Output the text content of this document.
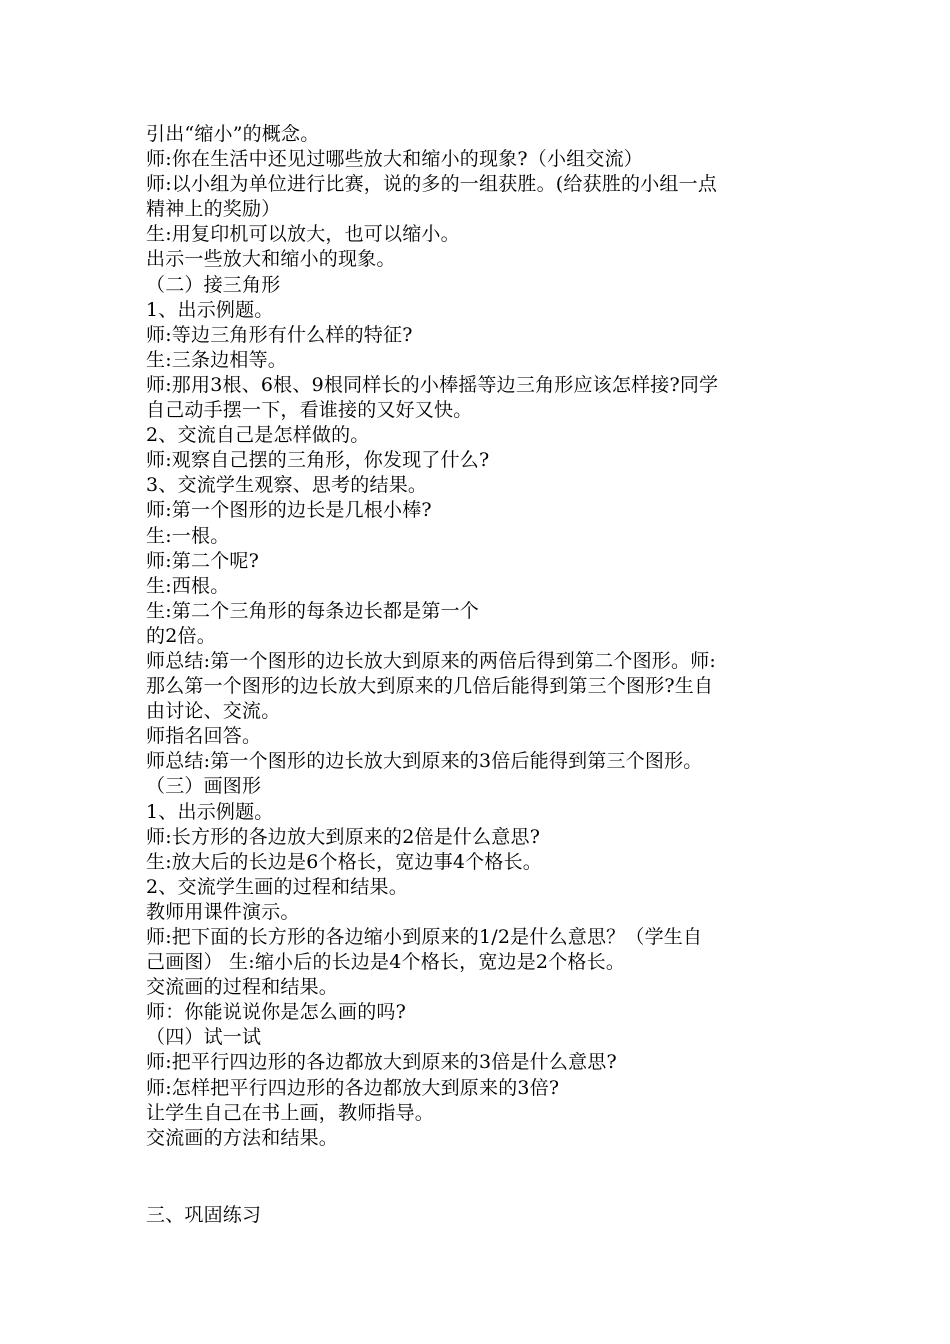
引出“缩小”的概念。
师:你在生活中还见过哪些放大和缩小的现象?（小组交流）
师:以小组为单位进行比赛，说的多的一组获胜。(给获胜的小组一点
精神上的奖励）
生:用复印机可以放大，也可以缩小。
出示一些放大和缩小的现象。
（二）接三角形
1、出示例题。
师:等边三角形有什么样的特征?
生:三条边相等。
师:那用3根、6根、9根同样长的小棒摇等边三角形应该怎样接?同学
自己动手摆一下，看谁接的又好又快。
2、交流自己是怎样做的。
师:观察自己摆的三角形，你发现了什么?
3、交流学生观察、思考的结果。
师:第一个图形的边长是几根小棒?
生:一根。
师:第二个呢?
生:西根。
生:第二个三角形的每条边长都是第一个
的2倍。
师总结:第一个图形的边长放大到原来的两倍后得到第二个图形。师:
那么第一个图形的边长放大到原来的几倍后能得到第三个图形?生自
由讨论、交流。
师指名回答。
师总结:第一个图形的边长放大到原来的3倍后能得到第三个图形。
（三）画图形
1、出示例题。
师:长方形的各边放大到原来的2倍是什么意思?
生:放大后的长边是6个格长，宽边事4个格长。
2、交流学生画的过程和结果。
教师用课件演示。
师:把下面的长方形的各边缩小到原来的1/2是什么意思？（学生自
己画图） 生:缩小后的长边是4个格长，宽边是2个格长。
交流画的过程和结果。
师：你能说说你是怎么画的吗?
（四）试一试
师:把平行四边形的各边都放大到原来的3倍是什么意思?
师:怎样把平行四边形的各边都放大到原来的3倍?
让学生自己在书上画，教师指导。
交流画的方法和结果。
三、巩固练习
